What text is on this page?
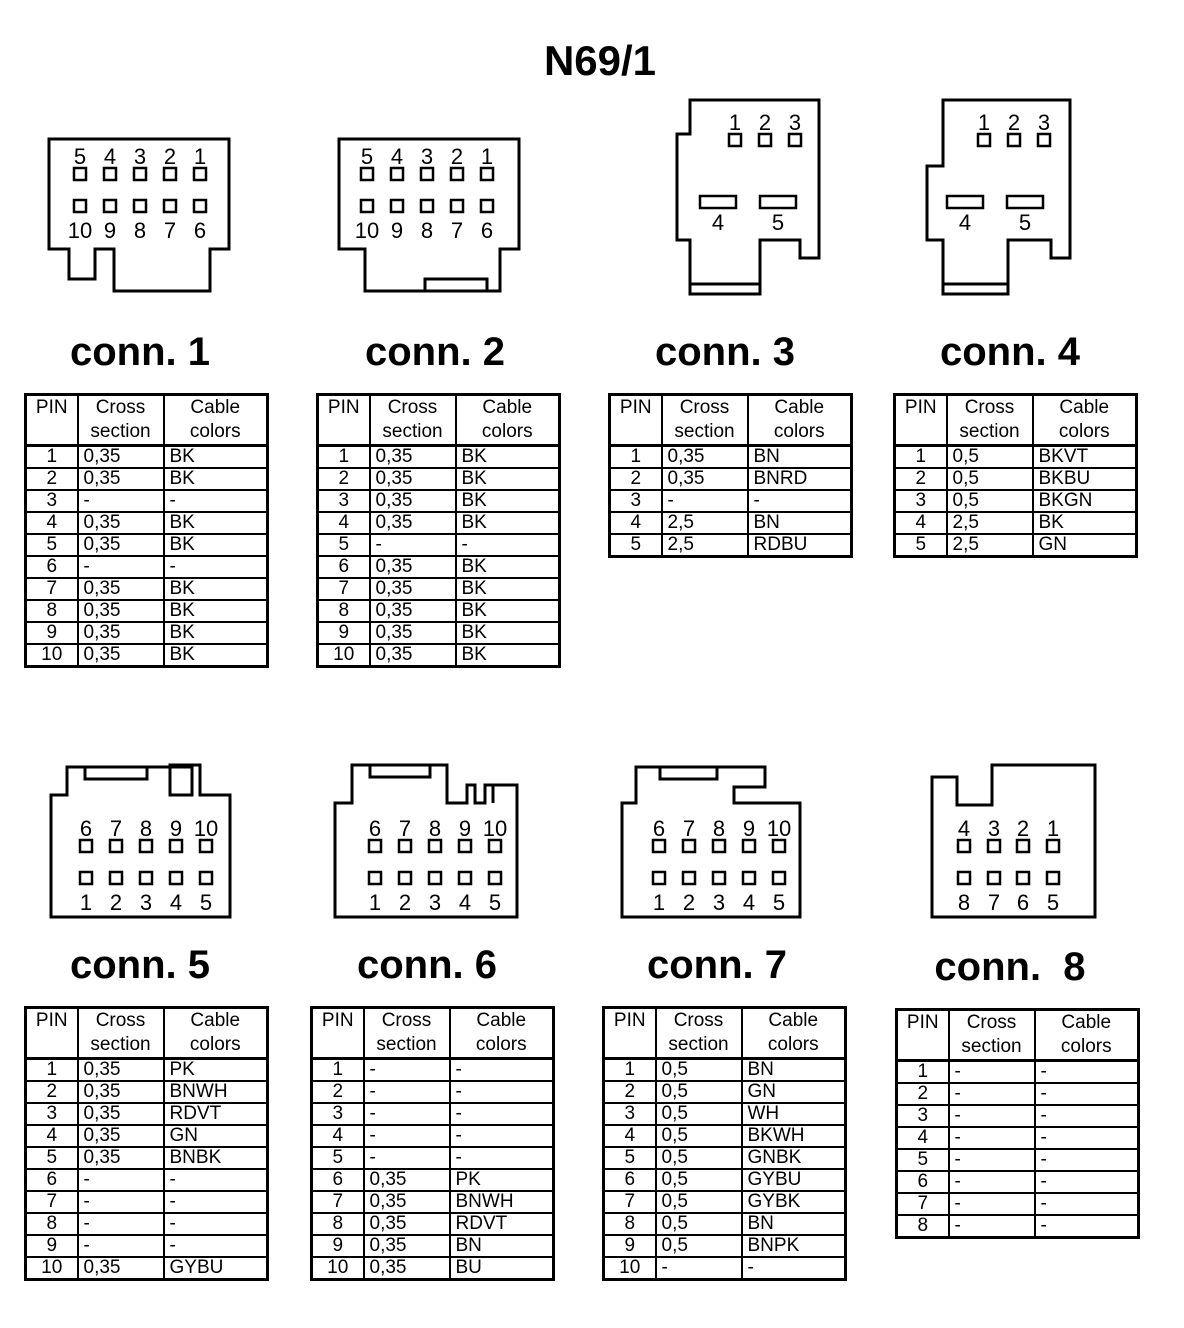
N69/1
5 4 3 2 1
10 9 8 7 6
conn. 1
PIN	Cross section	Cable colors
1	0,35	BK
2	0,35	BK
3	-	-
4	0,35	BK
5	0,35	BK
6	-	-
7	0,35	BK
8	0,35	BK
9	0,35	BK
10	0,35	BK
5 4 3 2 1
10 9 8 7 6
conn. 2
PIN	Cross section	Cable colors
1	0,35	BK
2	0,35	BK
3	0,35	BK
4	0,35	BK
5	-	-
6	0,35	BK
7	0,35	BK
8	0,35	BK
9	0,35	BK
10	0,35	BK
1 2 3
4 5
conn. 3
PIN	Cross section	Cable colors
1	0,35	BN
2	0,35	BNRD
3	-	-
4	2,5	BN
5	2,5	RDBU
1 2 3
4 5
conn. 4
PIN	Cross section	Cable colors
1	0,5	BKVT
2	0,5	BKBU
3	0,5	BKGN
4	2,5	BK
5	2,5	GN
6 7 8 9 10
1 2 3 4 5
conn. 5
PIN	Cross section	Cable colors
1	0,35	PK
2	0,35	BNWH
3	0,35	RDVT
4	0,35	GN
5	0,35	BNBK
6	-	-
7	-	-
8	-	-
9	-	-
10	0,35	GYBU
6 7 8 9 10
1 2 3 4 5
conn. 6
PIN	Cross section	Cable colors
1	-	-
2	-	-
3	-	-
4	-	-
5	-	-
6	0,35	PK
7	0,35	BNWH
8	0,35	RDVT
9	0,35	BN
10	0,35	BU
6 7 8 9 10
1 2 3 4 5
conn. 7
PIN	Cross section	Cable colors
1	0,5	BN
2	0,5	GN
3	0,5	WH
4	0,5	BKWH
5	0,5	GNBK
6	0,5	GYBU
7	0,5	GYBK
8	0,5	BN
9	0,5	BNPK
10	-	-
4 3 2 1
8 7 6 5
conn.  8
PIN	Cross section	Cable colors
1	-	-
2	-	-
3	-	-
4	-	-
5	-	-
6	-	-
7	-	-
8	-	-
